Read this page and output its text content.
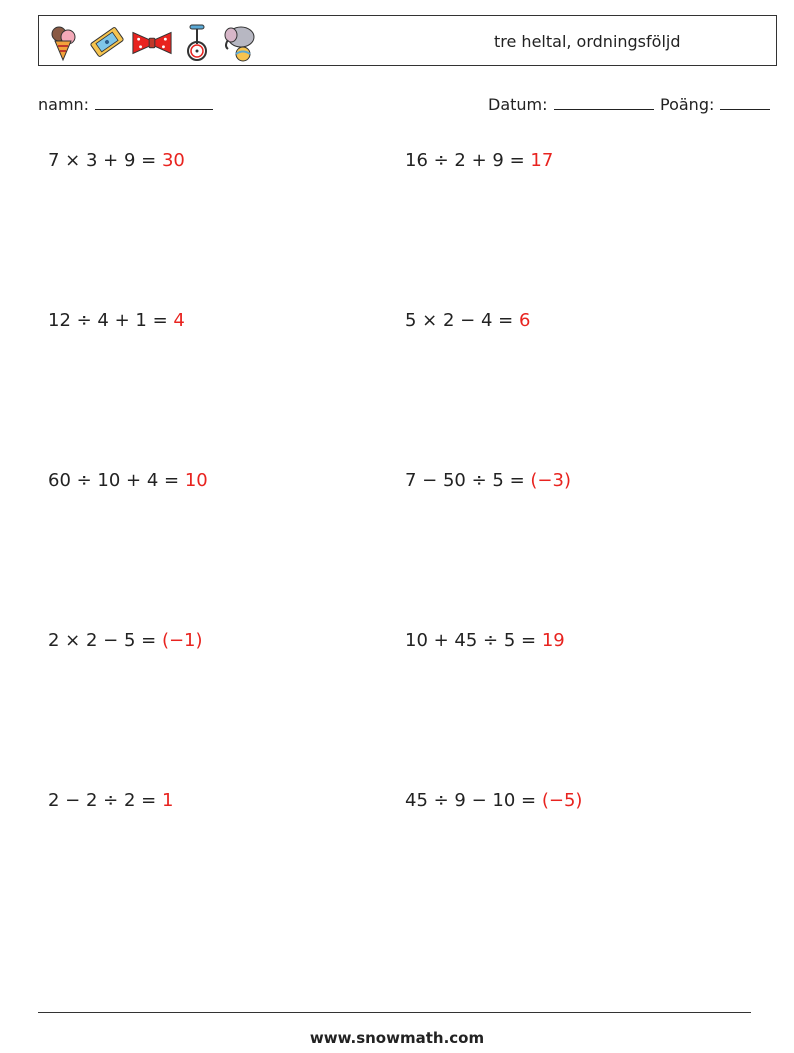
tre heltal, ordningsföljd
namn:	Datum:	Poäng:
7 × 3 + 9 = 30	16 ÷ 2 + 9 = 17
12 ÷ 4 + 1 = 4	5 × 2 − 4 = 6
60 ÷ 10 + 4 = 10	7 − 50 ÷ 5 = (−3)
2 × 2 − 5 = (−1)	10 + 45 ÷ 5 = 19
2 − 2 ÷ 2 = 1	45 ÷ 9 − 10 = (−5)
www.snowmath.com
